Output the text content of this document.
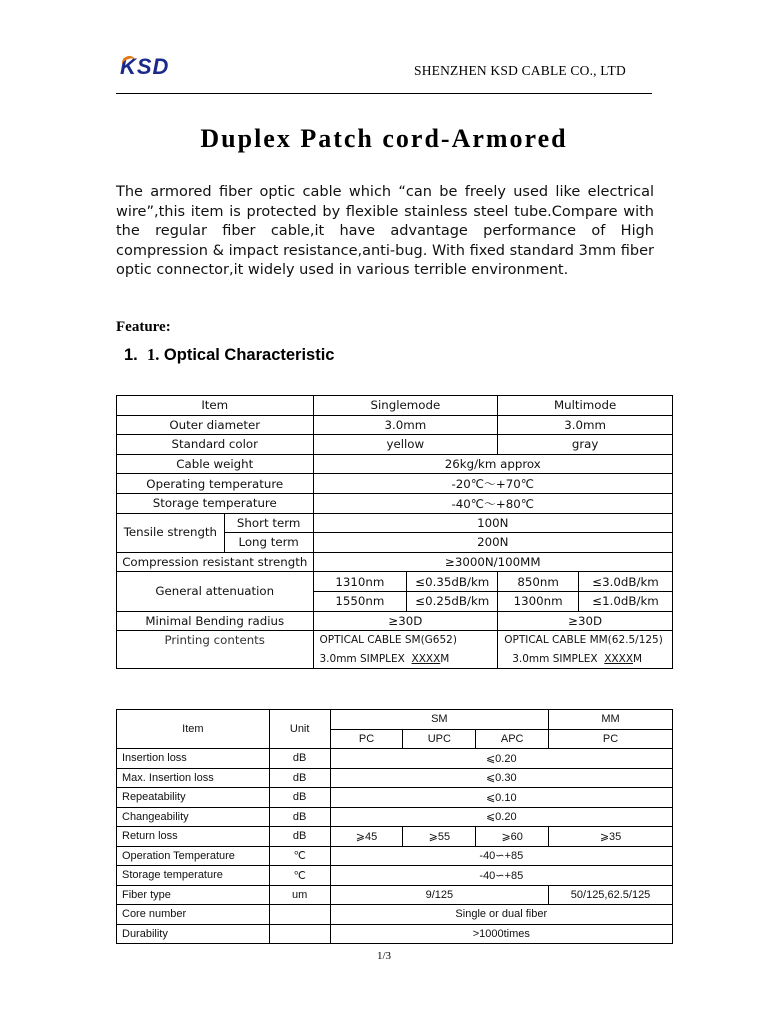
KSD	SHENZHEN KSD CABLE CO., LTD
Duplex Patch cord-Armored
The armored fiber optic cable which “can be freely used like electrical wire”,this item is protected by flexible stainless steel tube.Compare with the regular fiber cable,it have advantage performance of High compression & impact resistance,anti-bug. With fixed standard 3mm fiber optic connector,it widely used in various terrible environment.
Feature:
1. 1. Optical Characteristic
Item		Singlemode		Multimode	
Outer diameter		3.0mm		3.0mm	
Standard color		yellow		gray	
Cable weight		26kg/km approx			
Operating temperature		-20℃～+70℃			
Storage temperature		-40℃～+80℃			
Tensile strength	Short term	100N			
	Long term	200N			
Compression resistant strength		≥3000N/100MM			
General attenuation		1310nm	≤0.35dB/km	850nm	≤3.0dB/km
		1550nm	≤0.25dB/km	1300nm	≤1.0dB/km
Minimal Bending radius		≥30D		≥30D	
Printing contents		OPTICAL CABLE SM(G652)		OPTICAL CABLE MM(62.5/125)	
		3.0mm SIMPLEX XXXXM		3.0mm SIMPLEX XXXXM	
Item	Unit	SM			MM
		PC	UPC	APC	PC
Insertion loss	dB	⩽0.20			
Max. Insertion loss	dB	⩽0.30			
Repeatability	dB	⩽0.10			
Changeability	dB	⩽0.20			
Return loss	dB	⩾45	⩾55	⩾60	⩾35
Operation Temperature	℃	-40∽+85			
Storage temperature	℃	-40∽+85			
Fiber type	um	9/125			50/125,62.5/125
Core number		Single or dual fiber			
Durability		>1000times			
1/3
